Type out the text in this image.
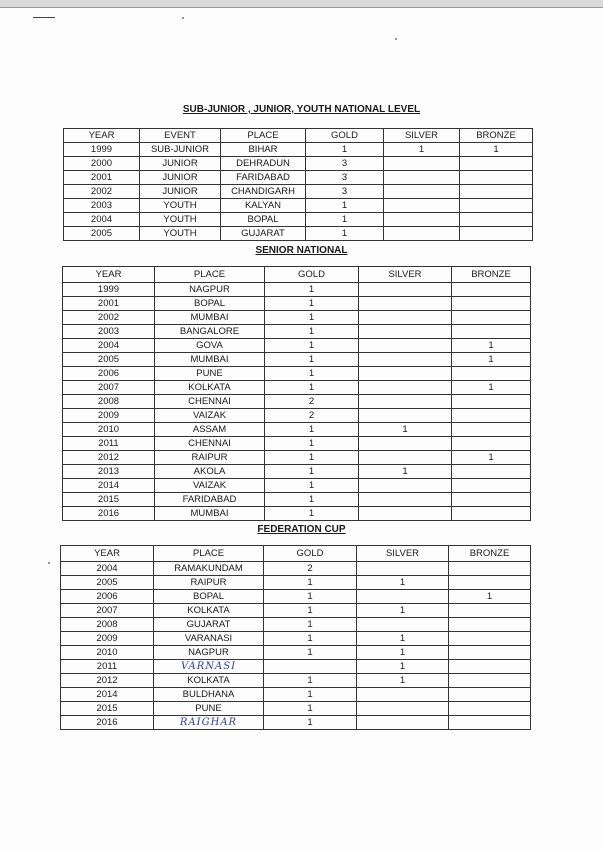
SUB-JUNIOR , JUNIOR, YOUTH NATIONAL LEVEL
YEAR	EVENT	PLACE	GOLD	SILVER	BRONZE
1999	SUB-JUNIOR	BIHAR	1	1	1
2000	JUNIOR	DEHRADUN	3		
2001	JUNIOR	FARIDABAD	3		
2002	JUNIOR	CHANDIGARH	3		
2003	YOUTH	KALYAN	1		
2004	YOUTH	BOPAL	1		
2005	YOUTH	GUJARAT	1		
SENIOR NATIONAL
YEAR	PLACE	GOLD	SILVER	BRONZE
1999	NAGPUR	1		
2001	BOPAL	1		
2002	MUMBAI	1		
2003	BANGALORE	1		
2004	GOVA	1		1
2005	MUMBAI	1		1
2006	PUNE	1		
2007	KOLKATA	1		1
2008	CHENNAI	2		
2009	VAIZAK	2		
2010	ASSAM	1	1	
2011	CHENNAI	1		
2012	RAIPUR	1		1
2013	AKOLA	1	1	
2014	VAIZAK	1		
2015	FARIDABAD	1		
2016	MUMBAI	1		
FEDERATION CUP
YEAR	PLACE	GOLD	SILVER	BRONZE
2004	RAMAKUNDAM	2		
2005	RAIPUR	1	1	
2006	BOPAL	1		1
2007	KOLKATA	1	1	
2008	GUJARAT	1		
2009	VARANASI	1	1	
2010	NAGPUR	1	1	
2011	VARNASI		1	
2012	KOLKATA	1	1	
2014	BULDHANA	1		
2015	PUNE	1		
2016	RAIGHAR	1		
